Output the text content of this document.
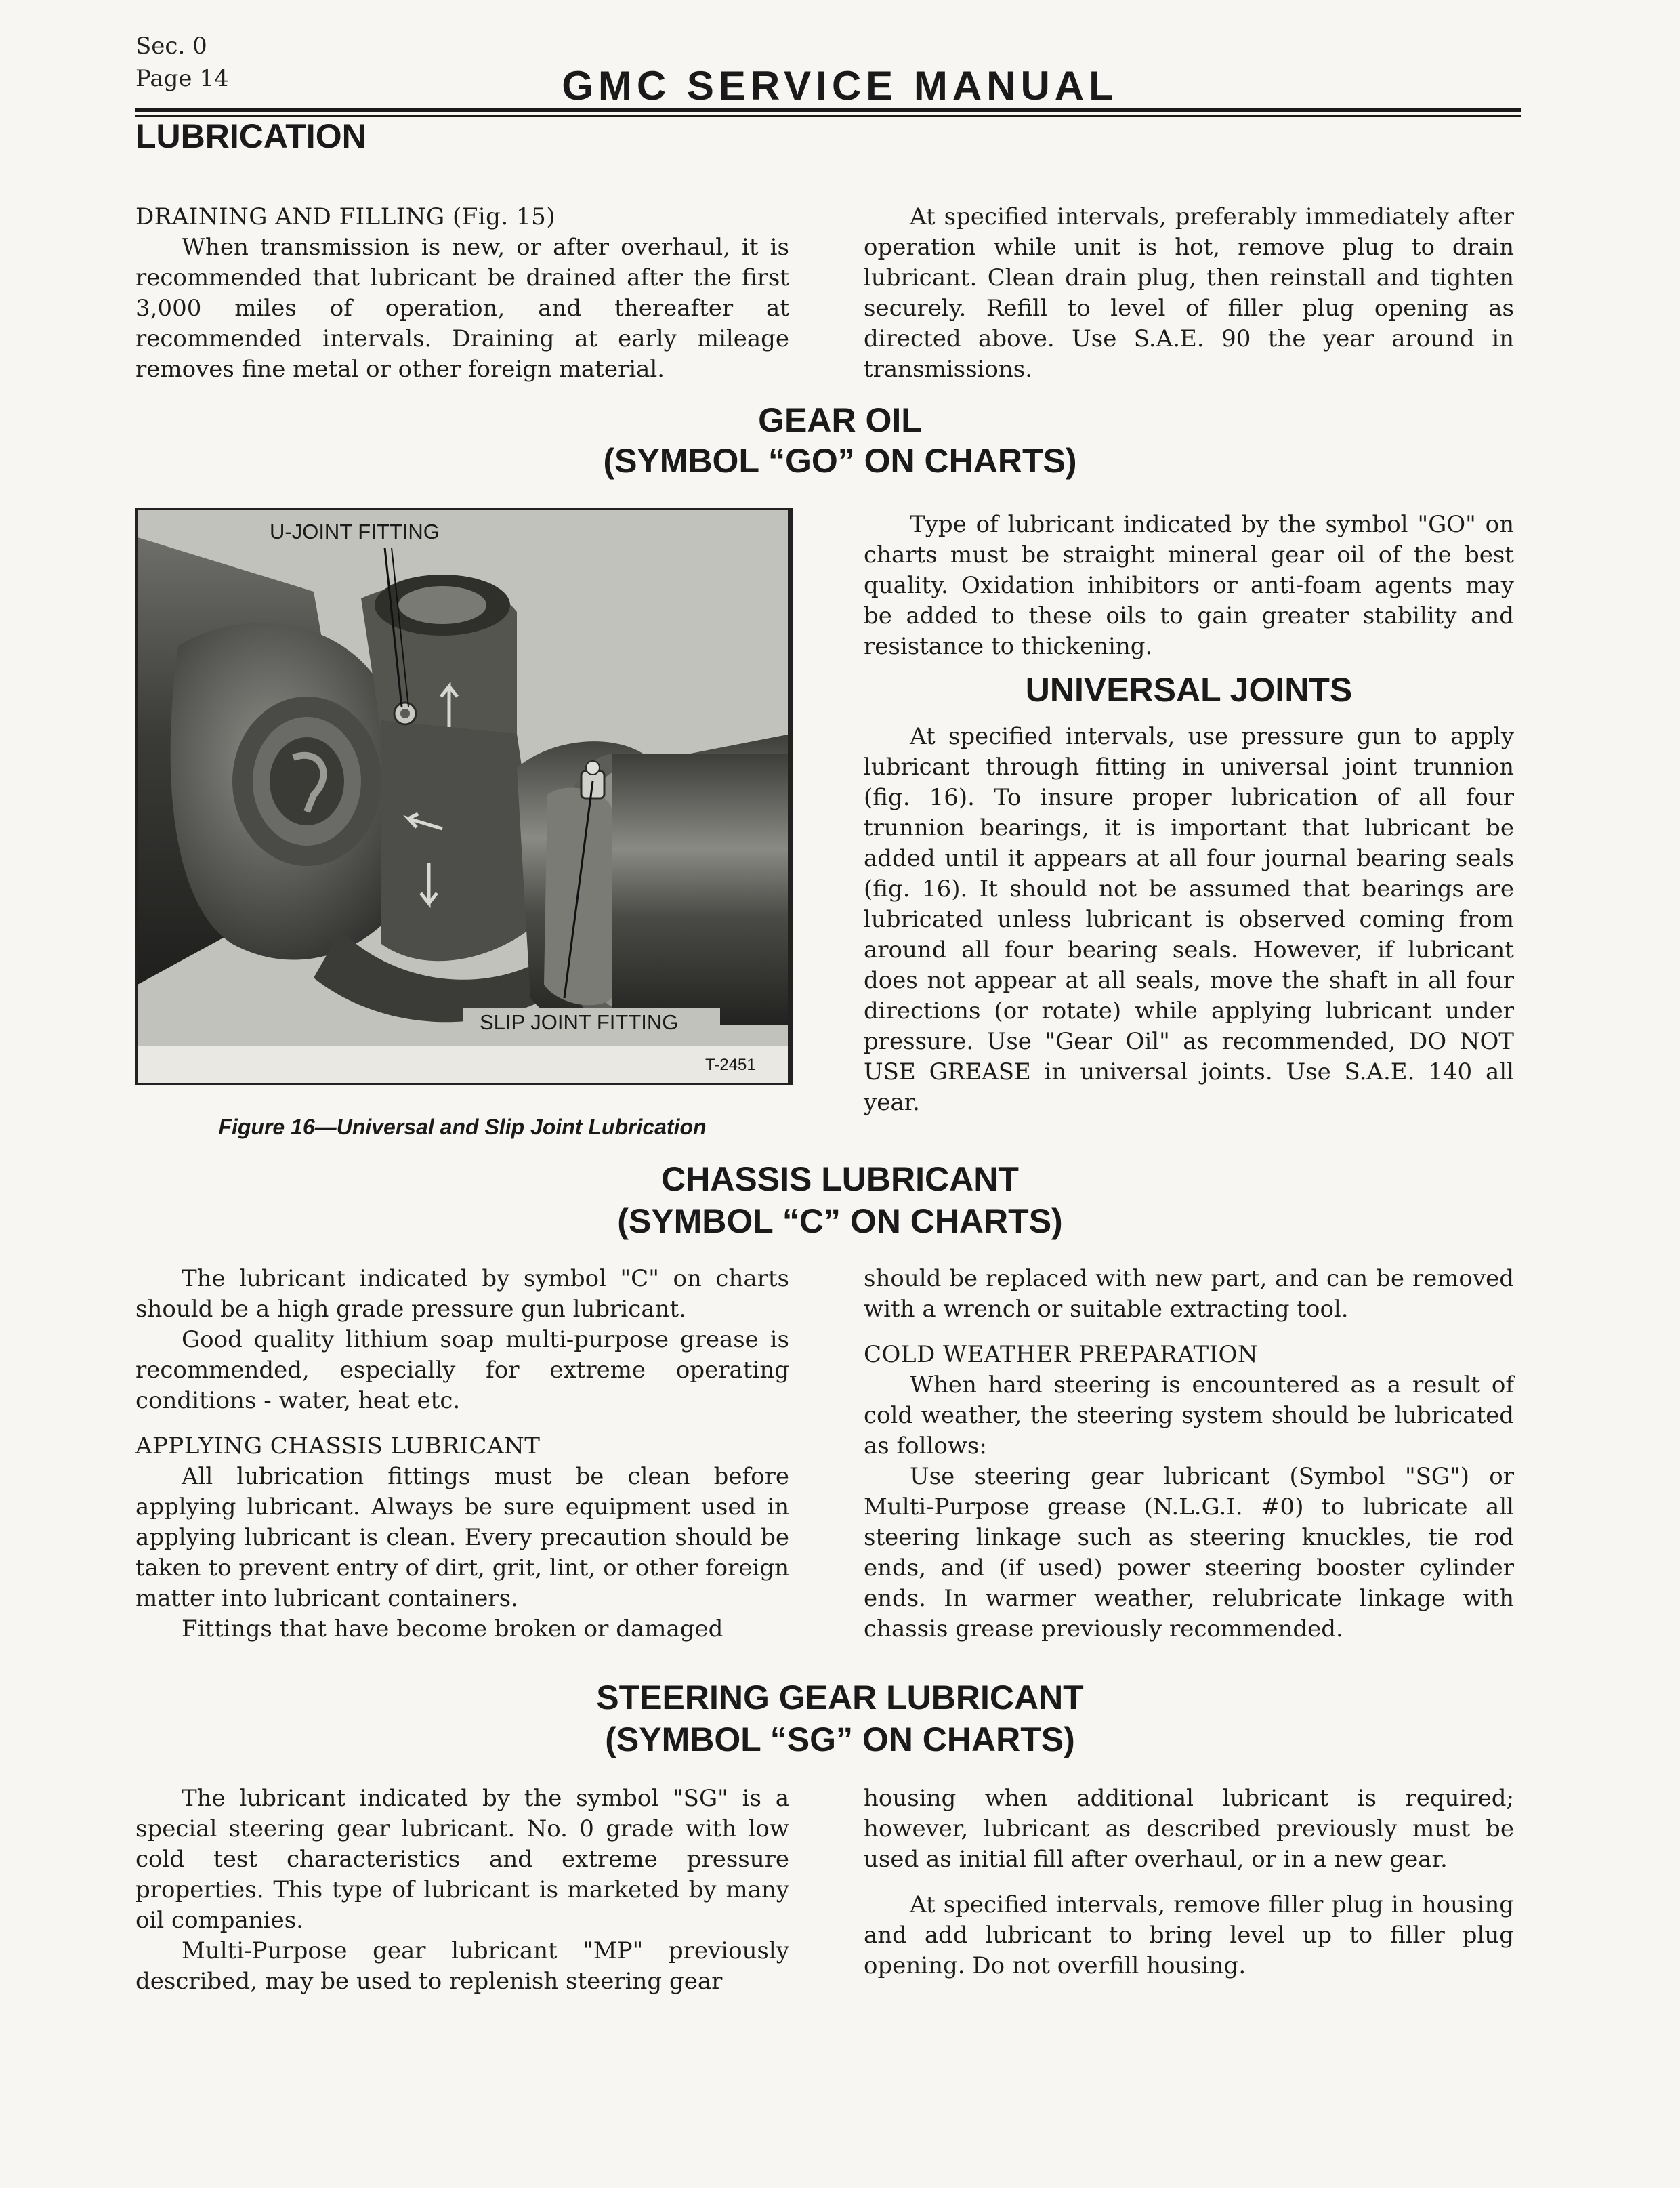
Sec. 0
Page 14	GMC SERVICE MANUAL
LUBRICATION

DRAINING AND FILLING (Fig. 15)

When transmission is new, or after overhaul, it is recommended that lubricant be drained after the first 3,000 miles of operation, and thereafter at recommended intervals. Draining at early mileage removes fine metal or other foreign material.

At specified intervals, preferably immediately after operation while unit is hot, remove plug to drain lubricant. Clean drain plug, then reinstall and tighten securely. Refill to level of filler plug opening as directed above. Use S.A.E. 90 the year around in transmissions.

GEAR OIL
(SYMBOL “GO” ON CHARTS)
U-JOINT FITTING
SLIP JOINT FITTING
T-2451
Figure 16—Universal and Slip Joint Lubrication

Type of lubricant indicated by the symbol "GO" on charts must be straight mineral gear oil of the best quality. Oxidation inhibitors or anti-foam agents may be added to these oils to gain greater stability and resistance to thickening.

UNIVERSAL JOINTS

At specified intervals, use pressure gun to apply lubricant through fitting in universal joint trunnion (fig. 16). To insure proper lubrication of all four trunnion bearings, it is important that lubricant be added until it appears at all four journal bearing seals (fig. 16). It should not be assumed that bearings are lubricated unless lubricant is observed coming from around all four bearing seals. However, if lubricant does not appear at all seals, move the shaft in all four directions (or rotate) while applying lubricant under pressure. Use "Gear Oil" as recommended, DO NOT USE GREASE in universal joints. Use S.A.E. 140 all year.

CHASSIS LUBRICANT
(SYMBOL “C” ON CHARTS)

The lubricant indicated by symbol "C" on charts should be a high grade pressure gun lubricant.

Good quality lithium soap multi-purpose grease is recommended, especially for extreme operating conditions - water, heat etc.

APPLYING CHASSIS LUBRICANT

All lubrication fittings must be clean before applying lubricant. Always be sure equipment used in applying lubricant is clean. Every precaution should be taken to prevent entry of dirt, grit, lint, or other foreign matter into lubricant containers.

Fittings that have become broken or damaged

should be replaced with new part, and can be removed with a wrench or suitable extracting tool.

COLD WEATHER PREPARATION

When hard steering is encountered as a result of cold weather, the steering system should be lubricated as follows:

Use steering gear lubricant (Symbol "SG") or Multi-Purpose grease (N.L.G.I. #0) to lubricate all steering linkage such as steering knuckles, tie rod ends, and (if used) power steering booster cylinder ends. In warmer weather, relubricate linkage with chassis grease previously recommended.

STEERING GEAR LUBRICANT
(SYMBOL “SG” ON CHARTS)

The lubricant indicated by the symbol "SG" is a special steering gear lubricant. No. 0 grade with low cold test characteristics and extreme pressure properties. This type of lubricant is marketed by many oil companies.

Multi-Purpose gear lubricant "MP" previously described, may be used to replenish steering gear

housing when additional lubricant is required; however, lubricant as described previously must be used as initial fill after overhaul, or in a new gear.

At specified intervals, remove filler plug in housing and add lubricant to bring level up to filler plug opening. Do not overfill housing.
